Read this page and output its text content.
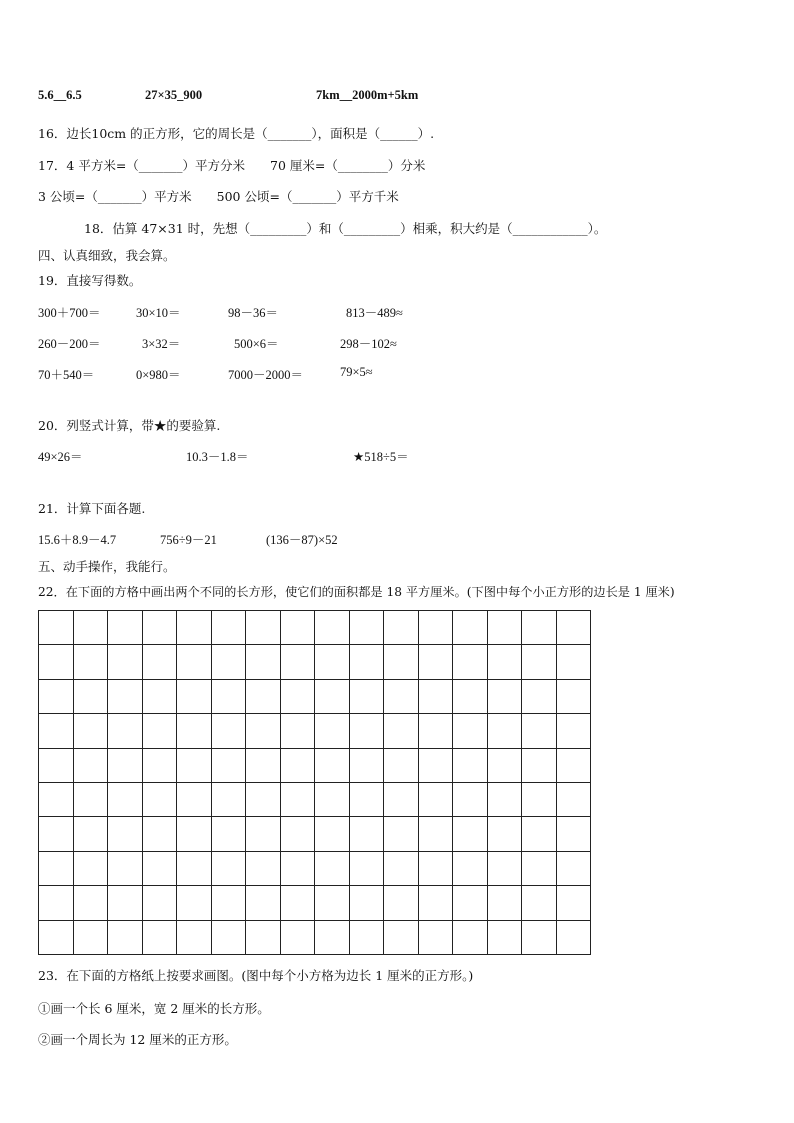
5.6__6.5	27×35_900	7km__2000m+5km
16．边长10cm 的正方形，它的周长是（_______），面积是（______）.
17．4 平方米=（_______）平方分米　　70 厘米=（________）分米
3 公顷=（_______）平方米　　500 公顷=（_______）平方千米
18．估算 47×31 时，先想（_________）和（_________）相乘，积大约是（____________）。
四、认真细致，我会算。
19．直接写得数。
300＋700＝	30×10＝	98－36＝	813－489≈
260－200＝	3×32＝	500×6＝	298－102≈
70＋540＝	0×980＝	7000－2000＝	79×5≈
20．列竖式计算，带★的要验算.
49×26＝	10.3－1.8＝	★518÷5＝
21．计算下面各题.
15.6＋8.9－4.7	756÷9－21	(136－87)×52
五、动手操作，我能行。
22．在下面的方格中画出两个不同的长方形，使它们的面积都是 18 平方厘米。(下图中每个小正方形的边长是 1 厘米)
23．在下面的方格纸上按要求画图。(图中每个小方格为边长 1 厘米的正方形。)
①画一个长 6 厘米，宽 2 厘米的长方形。
②画一个周长为 12 厘米的正方形。
